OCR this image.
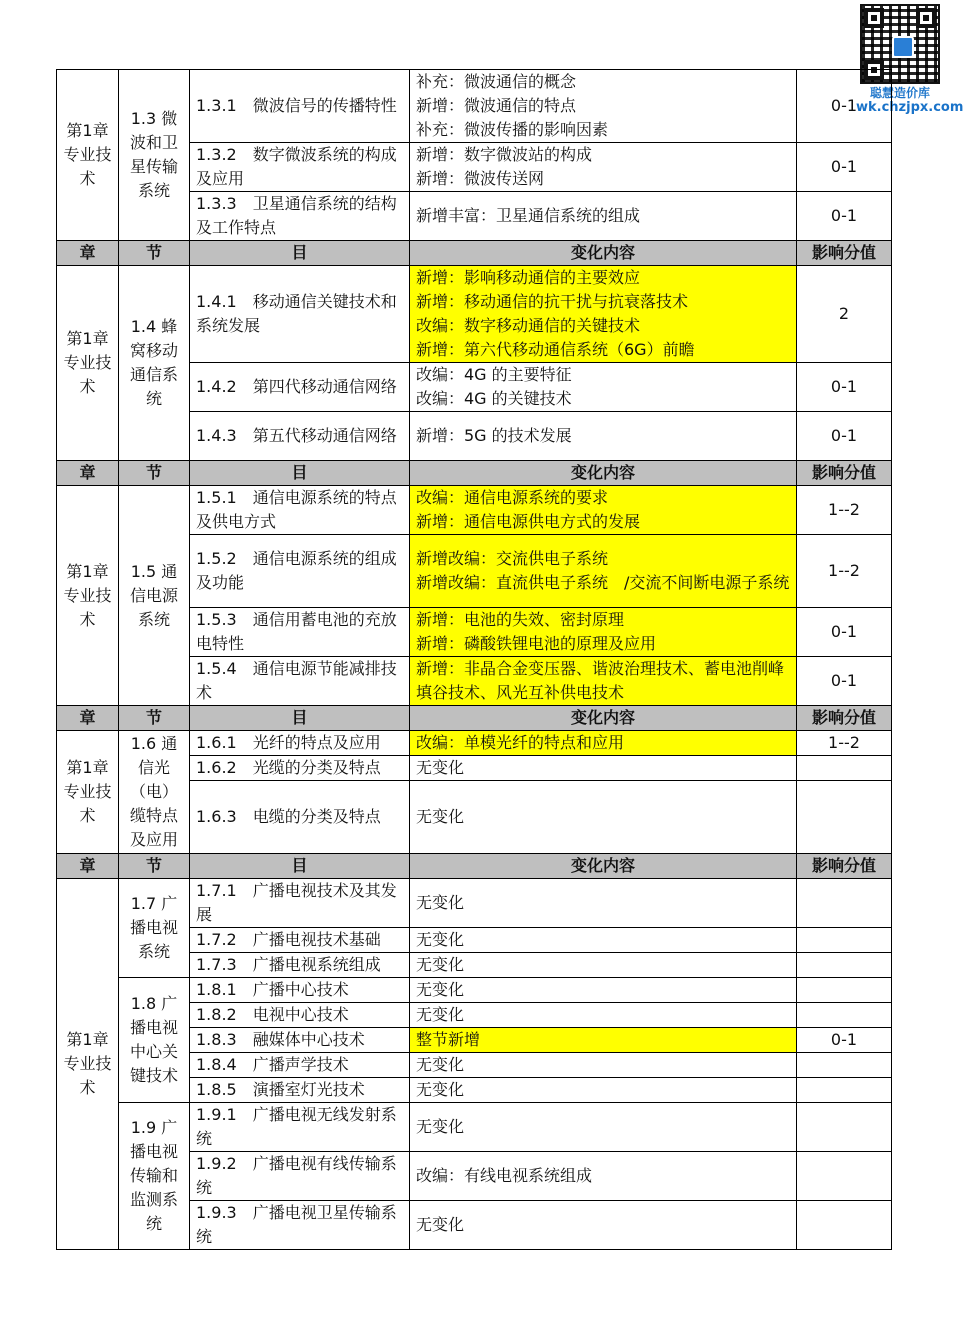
聪慧造价库
wk.chzjpx.com
第1章专业技术	1.3 微波和卫星传输系统	1.3.1　微波信号的传播特性	补充：微波通信的概念
新增：微波通信的特点
补充：微波传播的影响因素	0-1
		1.3.2　数字微波系统的构成及应用	新增：数字微波站的构成
新增：微波传送网	0-1
		1.3.3　卫星通信系统的结构及工作特点	新增丰富：卫星通信系统的组成	0-1
章	节	目	变化内容	影响分值
第1章专业技术	1.4 蜂窝移动通信系统	1.4.1　移动通信关键技术和系统发展	新增：影响移动通信的主要效应
新增：移动通信的抗干扰与抗衰落技术
改编：数字移动通信的关键技术
新增：第六代移动通信系统（6G）前瞻	2
		1.4.2　第四代移动通信网络	改编：4G 的主要特征
改编：4G 的关键技术	0-1
		1.4.3　第五代移动通信网络	新增：5G 的技术发展	0-1
章	节	目	变化内容	影响分值
第1章专业技术	1.5 通信电源系统	1.5.1　通信电源系统的特点及供电方式	改编：通信电源系统的要求
新增：通信电源供电方式的发展	1--2
		1.5.2　通信电源系统的组成及功能	新增改编：交流供电子系统
新增改编：直流供电子系统　/交流不间断电源子系统	1--2
		1.5.3　通信用蓄电池的充放电特性	新增：电池的失效、密封原理
新增：磷酸铁锂电池的原理及应用	0-1
		1.5.4　通信电源节能减排技术	新增：非晶合金变压器、谐波治理技术、蓄电池削峰填谷技术、风光互补供电技术	0-1
章	节	目	变化内容	影响分值
第1章专业技术	1.6 通信光（电）缆特点及应用	1.6.1　光纤的特点及应用	改编：单模光纤的特点和应用	1--2
		1.6.2　光缆的分类及特点	无变化	

		1.6.3　电缆的分类及特点	无变化	

章	节	目	变化内容	影响分值
第1章专业技术	1.7 广播电视系统	1.7.1　广播电视技术及其发展	无变化	

		1.7.2　广播电视技术基础	无变化	

		1.7.3　广播电视系统组成	无变化	

	1.8 广播电视中心关键技术	1.8.1　广播中心技术	无变化	

		1.8.2　电视中心技术	无变化	

		1.8.3　融媒体中心技术	整节新增	0-1
		1.8.4　广播声学技术	无变化	

		1.8.5　演播室灯光技术	无变化	

	1.9 广播电视传输和监测系统	1.9.1　广播电视无线发射系统	无变化	

		1.9.2　广播电视有线传输系统	改编：有线电视系统组成	

		1.9.3　广播电视卫星传输系统	无变化	
